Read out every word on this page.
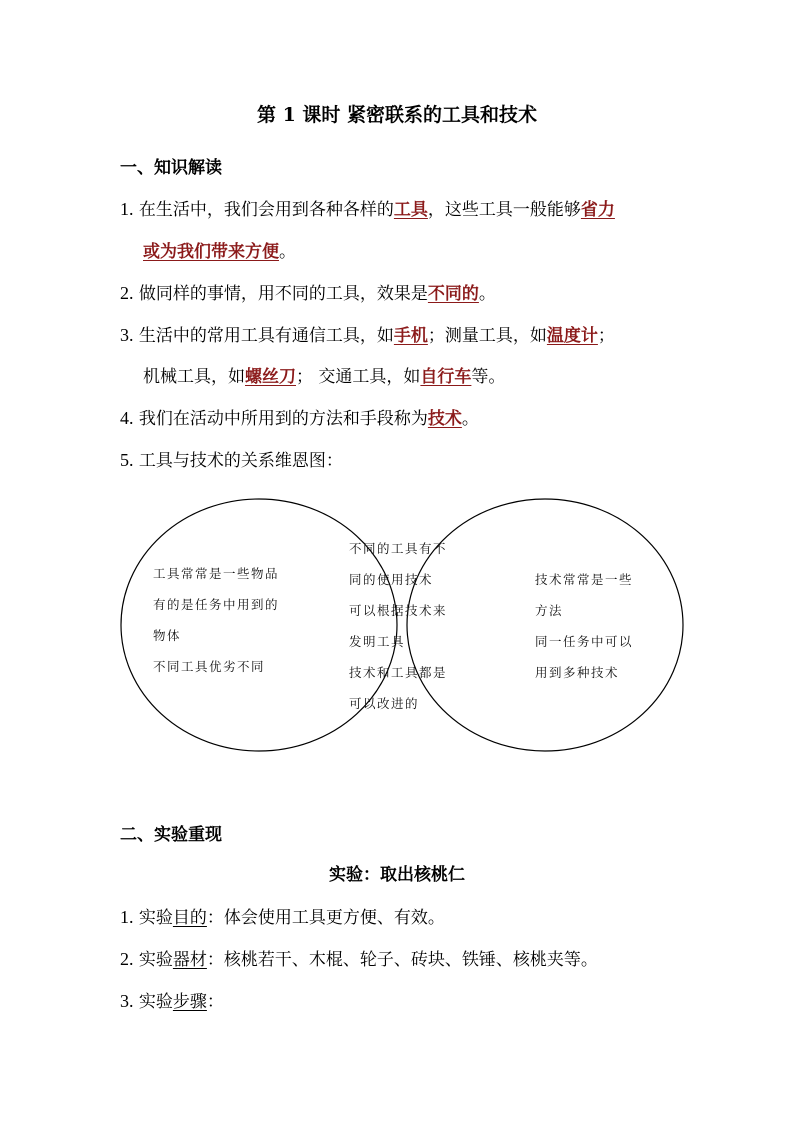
第 1 课时 紧密联系的工具和技术
一、知识解读
1. 在生活中，我们会用到各种各样的工具，这些工具一般能够省力
或为我们带来方便。
2. 做同样的事情，用不同的工具，效果是不同的。
3. 生活中的常用工具有通信工具，如手机；测量工具，如温度计；
机械工具，如螺丝刀； 交通工具，如自行车等。
4. 我们在活动中所用到的方法和手段称为技术。
5. 工具与技术的关系维恩图：
工具常常是一些物品
有的是任务中用到的
物体
不同工具优劣不同
不同的工具有不
同的使用技术
可以根据技术来
发明工具
技术和工具都是
可以改进的
技术常常是一些
方法
同一任务中可以
用到多种技术
二、实验重现
实验：取出核桃仁
1. 实验目的：体会使用工具更方便、有效。
2. 实验器材：核桃若干、木棍、轮子、砖块、铁锤、核桃夹等。
3. 实验步骤：
